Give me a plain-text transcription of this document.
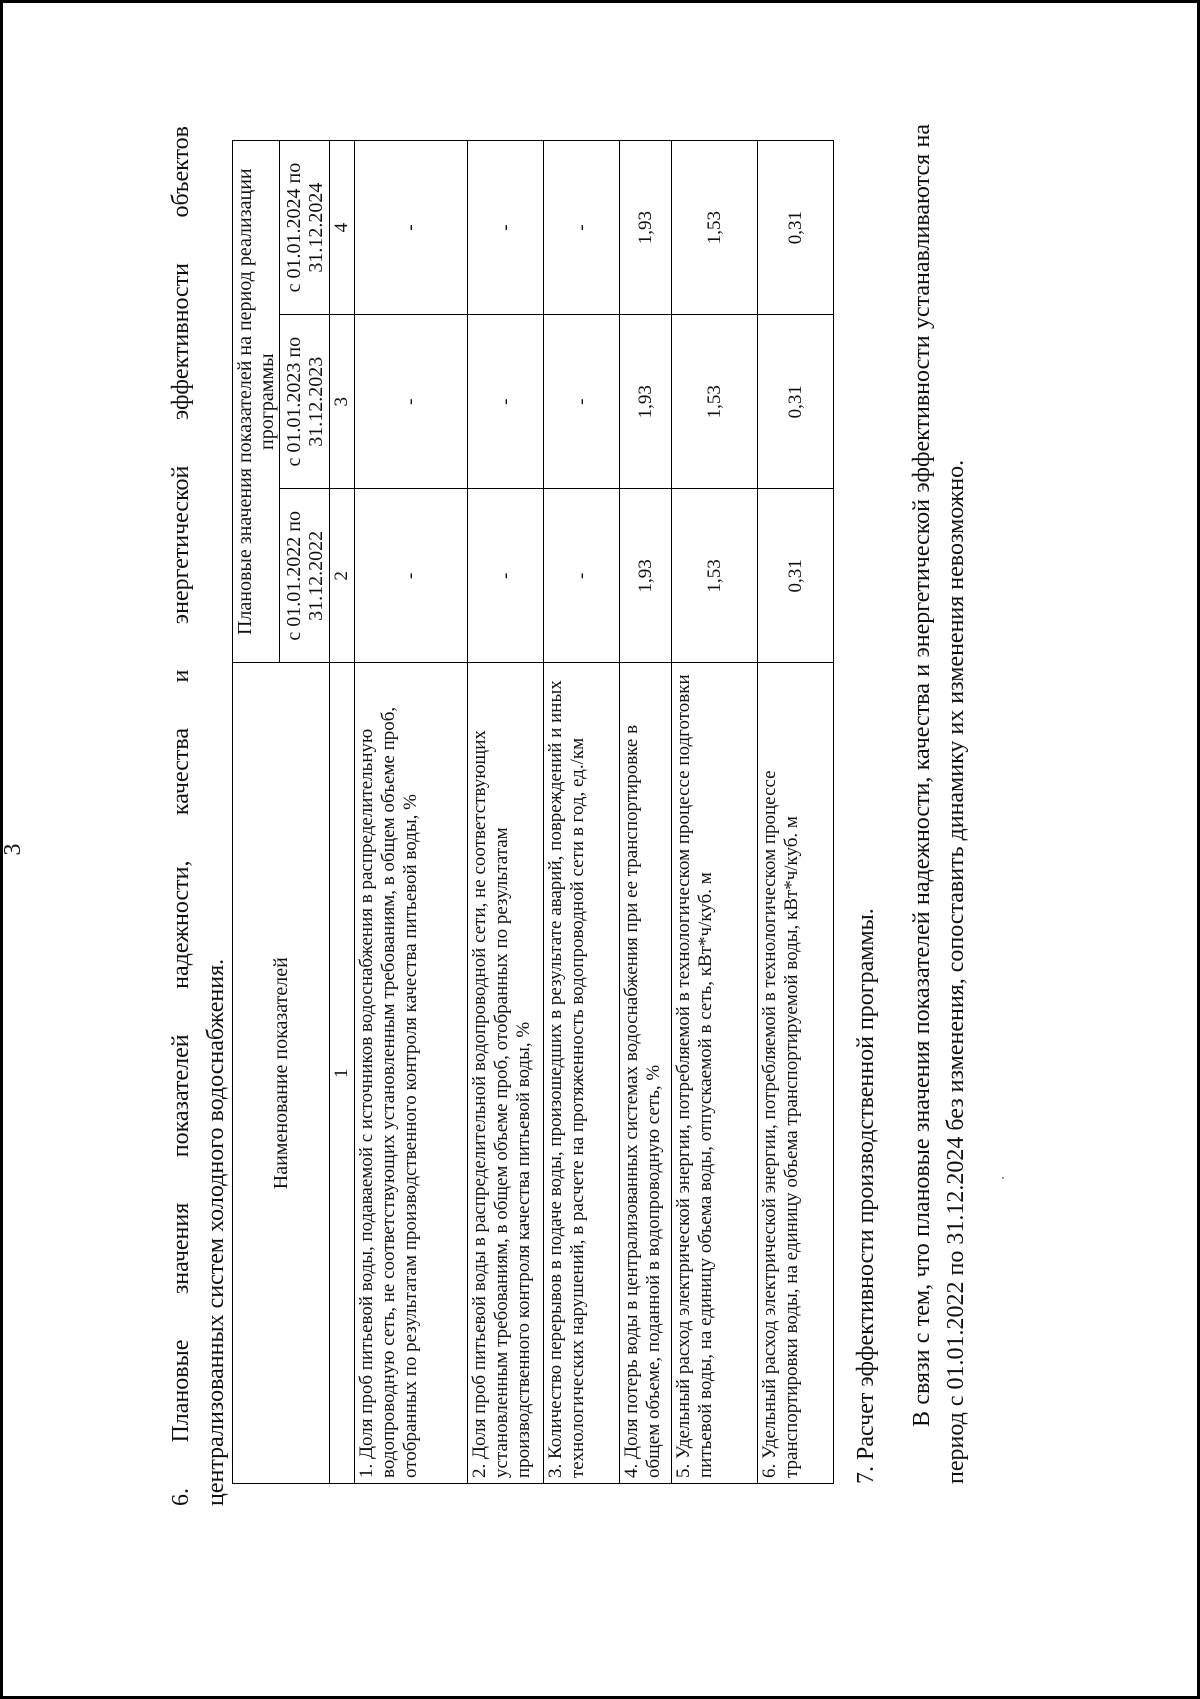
3	6. Плановые значения показателей надежности, качества и энергетической эффективности объектов централизованных систем холодного водоснабжения. Наименование показателей	Плановые значения показателей на период реализации программы		
	с 01.01.2022 по 31.12.2022	с 01.01.2023 по 31.12.2023	с 01.01.2024 по 31.12.2024
1	2	3	4
1. Доля проб питьевой воды, подаваемой с источников водоснабжения в распределительную водопроводную сеть, не соответствующих установленным требованиям, в общем объеме проб, отобранных по результатам производственного контроля качества питьевой воды, %	-	-	-
2. Доля проб питьевой воды в распределительной водопроводной сети, не соответствующих установленным требованиям, в общем объеме проб, отобранных по результатам производственного контроля качества питьевой воды, %	-	-	-
3. Количество перерывов в подаче воды, произошедших в результате аварий, повреждений и иных технологических нарушений, в расчете на протяженность водопроводной сети в год, ед./км	-	-	-
4. Доля потерь воды в централизованных системах водоснабжения при ее транспортировке в общем объеме, поданной в водопроводную сеть, %	1,93	1,93	1,93
5. Удельный расход электрической энергии, потребляемой в технологическом процессе подготовки питьевой воды, на единицу объема воды, отпускаемой в сеть, кВт*ч/куб. м	1,53	1,53	1,53
6. Удельный расход электрической энергии, потребляемой в технологическом процессе транспортировки воды, на единицу объема транспортируемой воды, кВт*ч/куб. м	0,31	0,31	0,31
7. Расчет эффективности производственной программы. В связи с тем, что плановые значения показателей надежности, качества и энергетической эффективности устанавливаются на период с 01.01.2022 по 31.12.2024 без изменения, сопоставить динамику их изменения невозможно.
